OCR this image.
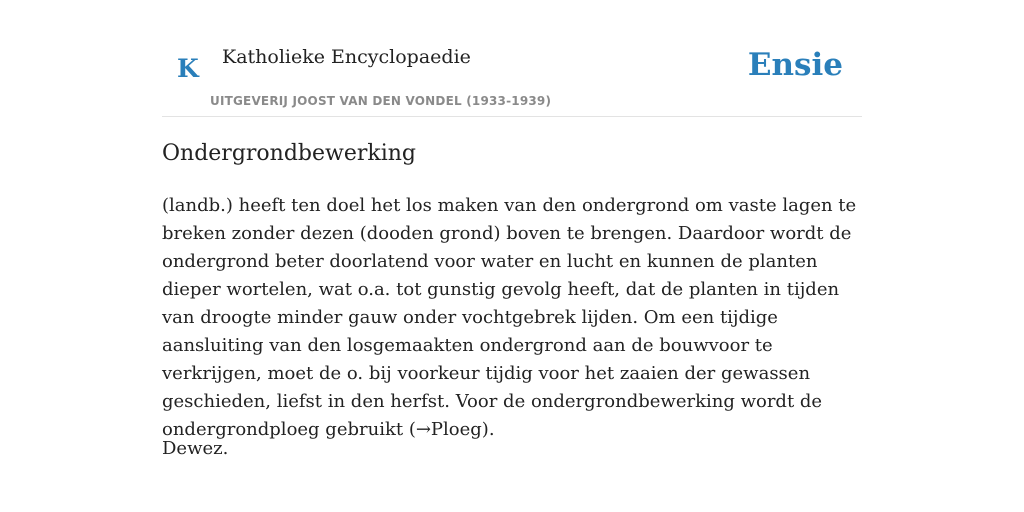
K Katholieke Encyclopaedie
UITGEVERIJ JOOST VAN DEN VONDEL (1933-1939)
Ensie
Ondergrondbewerking

(landb.) heeft ten doel het los maken van den ondergrond om vaste lagen te breken zonder dezen (dooden grond) boven te brengen. Daardoor wordt de ondergrond beter doorlatend voor water en lucht en kunnen de planten dieper wortelen, wat o.a. tot gunstig gevolg heeft, dat de planten in tijden van droogte minder gauw onder vochtgebrek lijden. Om een tijdige aansluiting van den losgemaakten ondergrond aan de bouwvoor te verkrijgen, moet de o. bij voorkeur tijdig voor het zaaien der gewassen geschieden, liefst in den herfst. Voor de ondergrondbewerking wordt de ondergrondploeg gebruikt (→Ploeg).

Dewez.
